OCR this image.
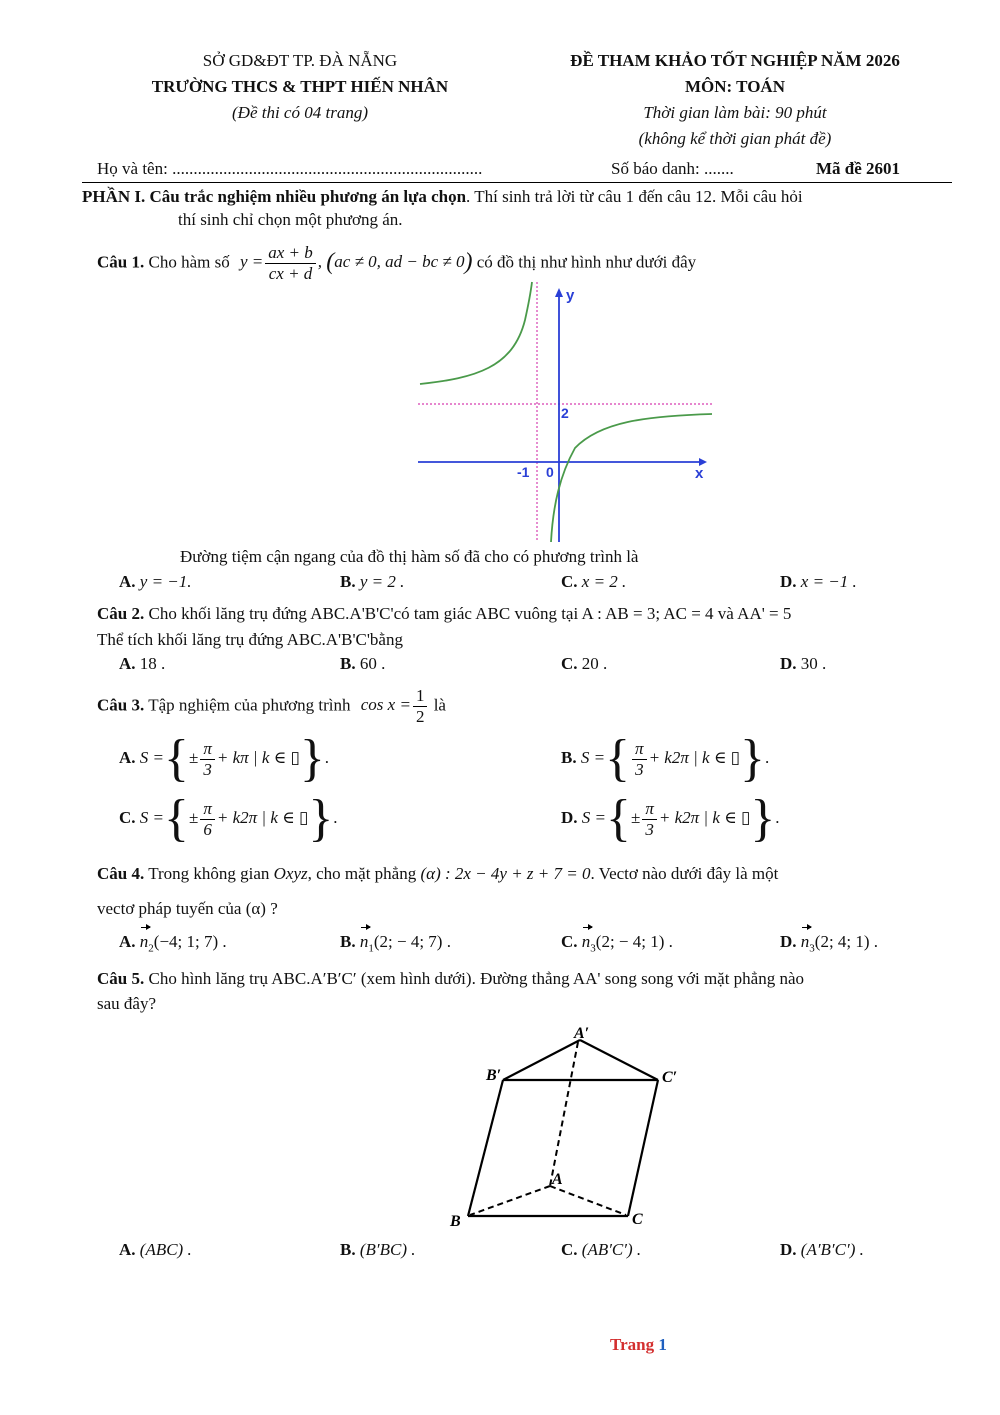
SỞ GD&ĐT TP. ĐÀ NẴNG
TRƯỜNG THCS & THPT HIẾN NHÂN
(Đề thi có 04 trang)
ĐỀ THAM KHẢO TỐT NGHIỆP NĂM 2026
MÔN: TOÁN
Thời gian làm bài: 90 phút
(không kể thời gian phát đề)
Họ và tên: .........................................................................	Số báo danh: .......	Mã đề 2601
PHẦN I. Câu trắc nghiệm nhiều phương án lựa chọn. Thí sinh trả lời từ câu 1 đến câu 12. Mỗi câu hỏi
thí sinh chỉ chọn một phương án.
Câu 1. Cho hàm số $y = \frac{ax + b}{cx + d}$ , (ac ≠ 0, ad − bc ≠ 0) có đồ thị như hình như dưới đây
y
x
2
-1 0
Đường tiệm cận ngang của đồ thị hàm số đã cho có phương trình là
A. y = −1.	B. y = 2 .	C. x = 2 .	D. x = −1 .
Câu 2. Cho khối lăng trụ đứng ABC.A'B'C'có tam giác ABC vuông tại A : AB = 3; AC = 4 và AA' = 5
Thể tích khối lăng trụ đứng ABC.A'B'C'bằng
A. 18 .	B. 60 .	C. 20 .	D. 30 .
Câu 3. Tập nghiệm của phương trình $\cos x = \frac{1}{2}$ là
A. S ={± $\frac{\pi}{3} + k\pi$ | k ∈ ▯}.	B. S ={ $\frac{\pi}{3} + k2\pi$ | k ∈ ▯}.
C. S ={± $\frac{\pi}{6} + k2\pi$ | k ∈ ▯}.	D. S ={± $\frac{\pi}{3} + k2\pi$ | k ∈ ▯}.
Câu 4. Trong không gian Oxyz, cho mặt phẳng (α) : 2x − 4y + z + 7 = 0. Vectơ nào dưới đây là một
vectơ pháp tuyến của (α) ?
A. $n_2(-4$; 1; 7) .	B. $n_1(2$; − 4; 7) .	C. $n_3(2$; − 4; 1) .	D. $n_3(2$; 4; 1) .
Câu 5. Cho hình lăng trụ ABC.A′B′C′ (xem hình dưới). Đường thẳng AA' song song với mặt phẳng nào
sau đây?
A′
B′	C′
A
B	C
A. (ABC) .	B. (B′BC) .	C. (AB′C′) .	D. (A′B′C′) .
Trang 1
